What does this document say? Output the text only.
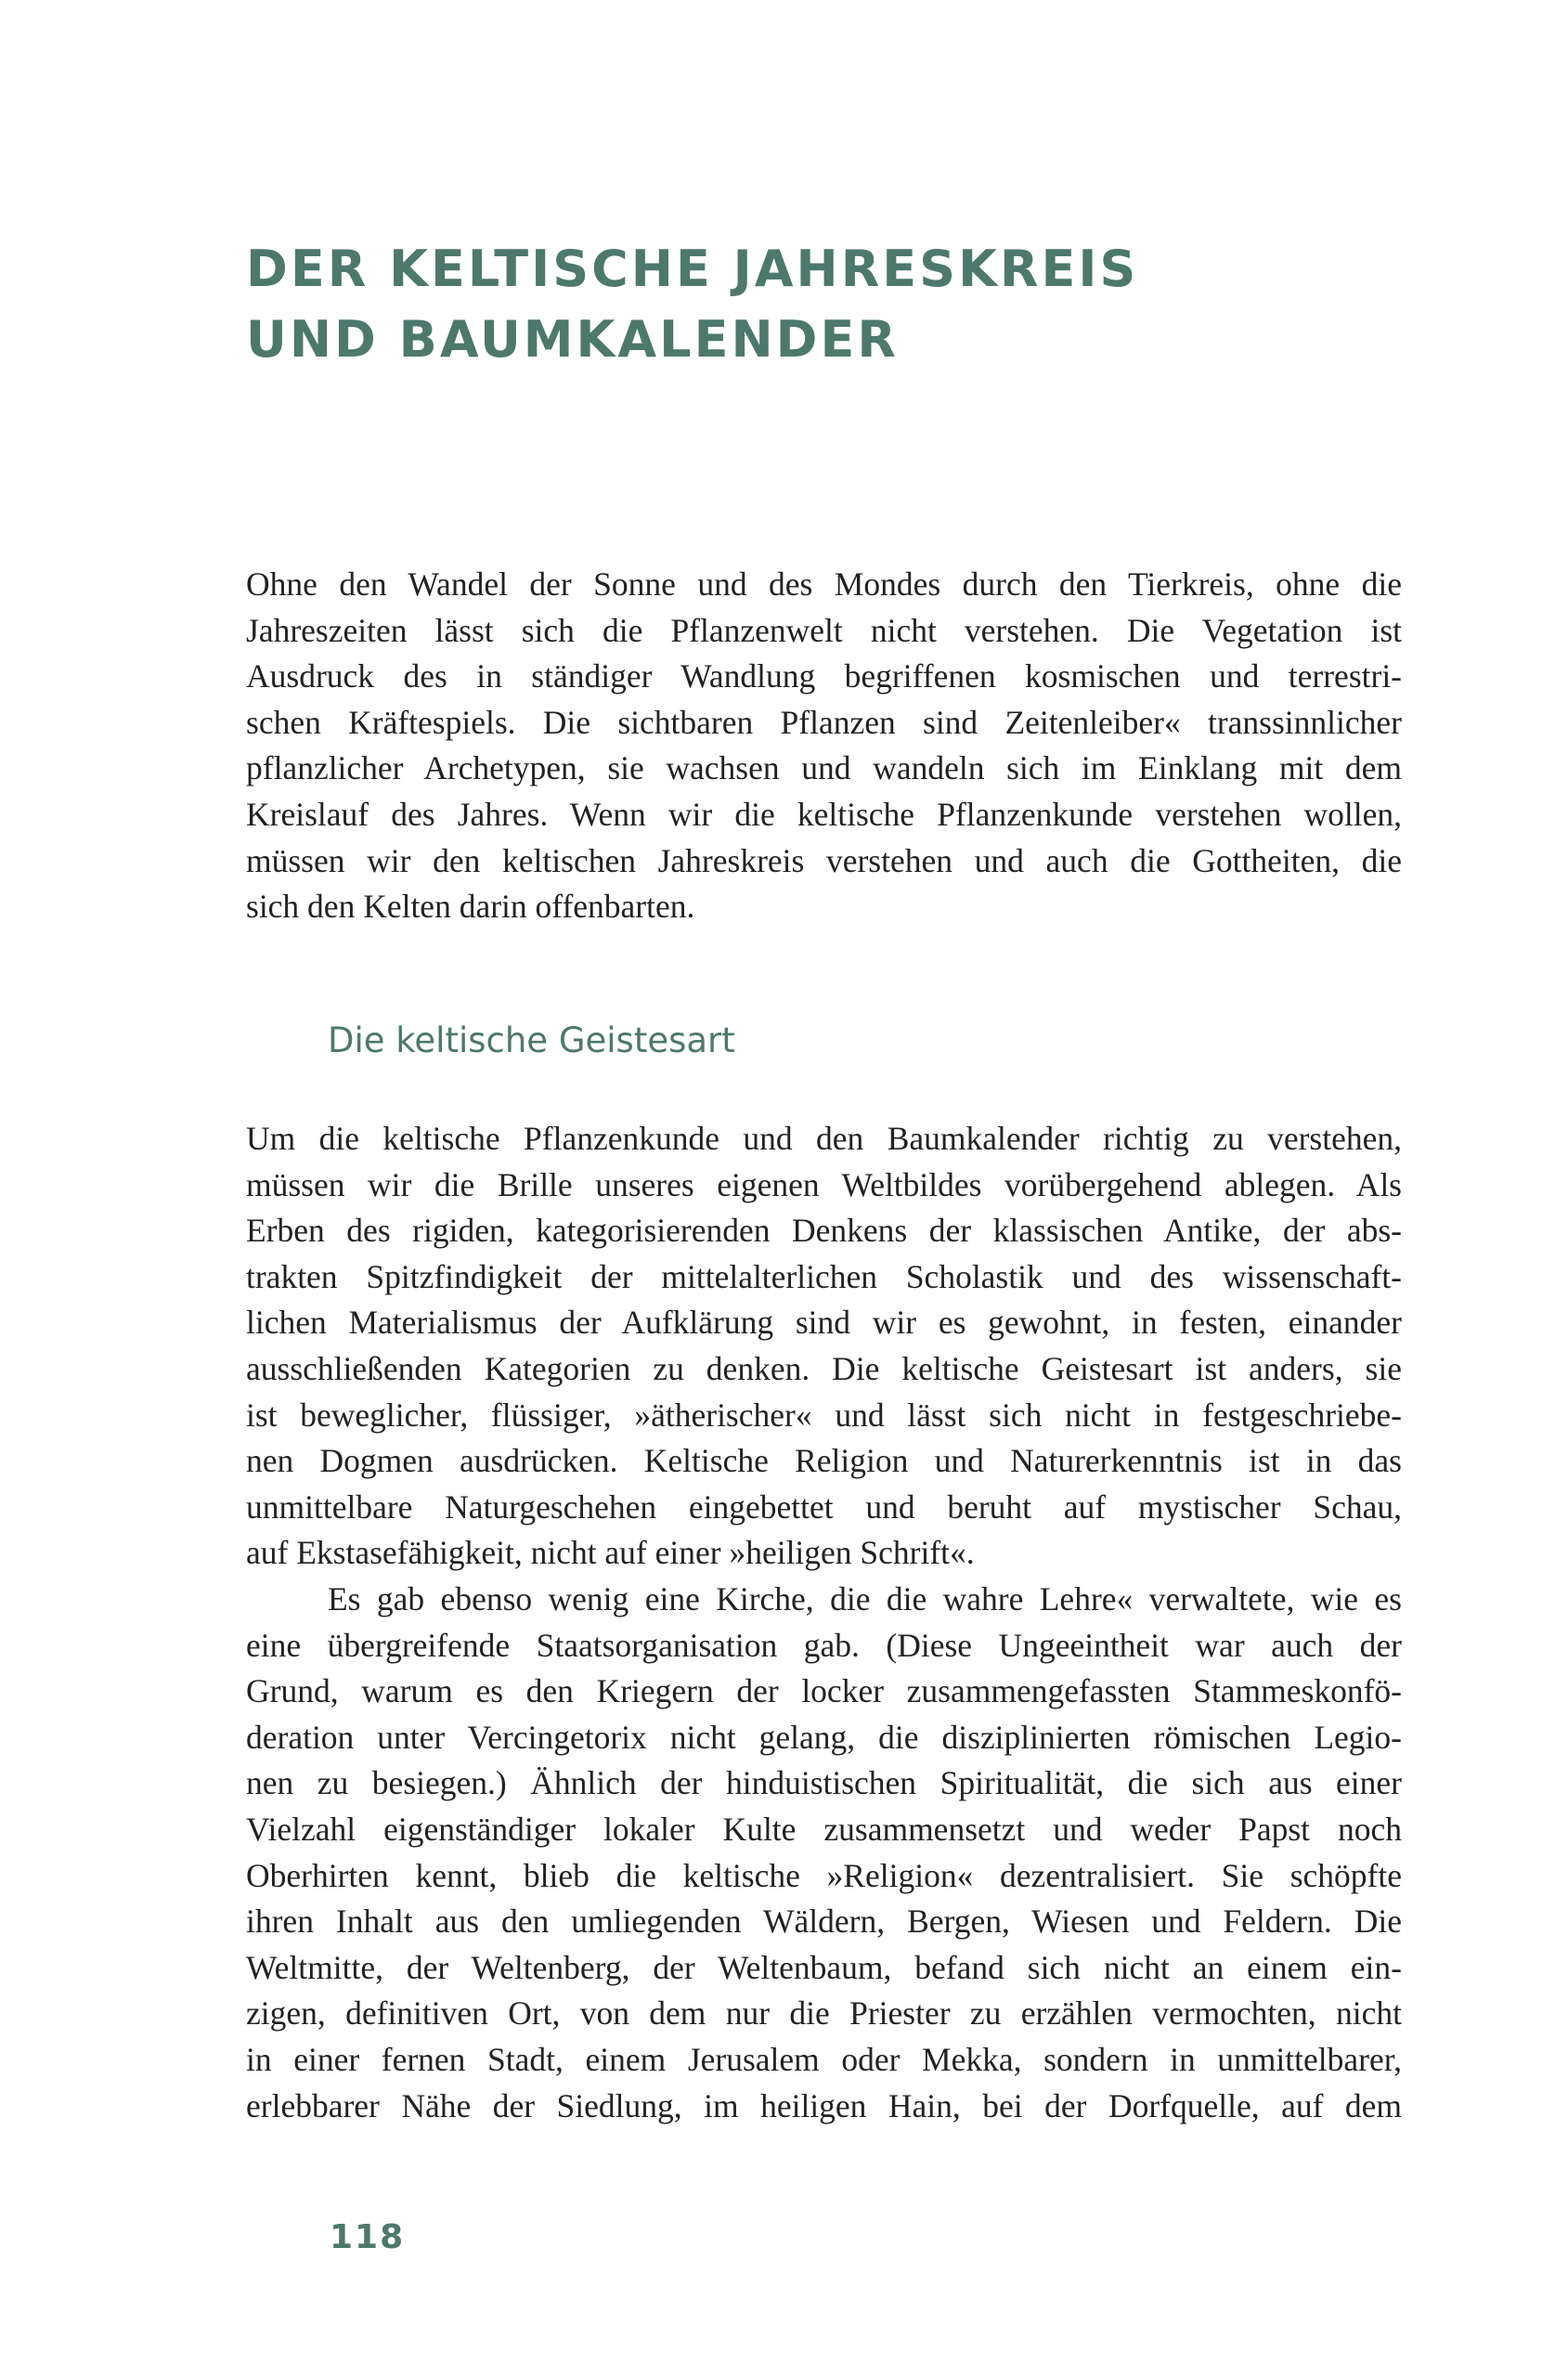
DER KELTISCHE JAHRESKREIS
UND BAUMKALENDER

Ohne den Wandel der Sonne und des Mondes durch den Tierkreis, ohne die
Jahreszeiten lässt sich die Pflanzenwelt nicht verstehen. Die Vegetation ist
Ausdruck des in ständiger Wandlung begriffenen kosmischen und terrestri-
schen Kräftespiels. Die sichtbaren Pflanzen sind Zeitenleiber« transsinnlicher
pflanzlicher Archetypen, sie wachsen und wandeln sich im Einklang mit dem
Kreislauf des Jahres. Wenn wir die keltische Pflanzenkunde verstehen wollen,
müssen wir den keltischen Jahreskreis verstehen und auch die Gottheiten, die
sich den Kelten darin offenbarten.

Die keltische Geistesart

Um die keltische Pflanzenkunde und den Baumkalender richtig zu verstehen,
müssen wir die Brille unseres eigenen Weltbildes vorübergehend ablegen. Als
Erben des rigiden, kategorisierenden Denkens der klassischen Antike, der abs-
trakten Spitzfindigkeit der mittelalterlichen Scholastik und des wissenschaft-
lichen Materialismus der Aufklärung sind wir es gewohnt, in festen, einander
ausschließenden Kategorien zu denken. Die keltische Geistesart ist anders, sie
ist beweglicher, flüssiger, »ätherischer« und lässt sich nicht in festgeschriebe-
nen Dogmen ausdrücken. Keltische Religion und Naturerkenntnis ist in das
unmittelbare Naturgeschehen eingebettet und beruht auf mystischer Schau,
auf Ekstasefähigkeit, nicht auf einer »heiligen Schrift«.

Es gab ebenso wenig eine Kirche, die die wahre Lehre« verwaltete, wie es
eine übergreifende Staatsorganisation gab. (Diese Ungeeintheit war auch der
Grund, warum es den Kriegern der locker zusammengefassten Stammeskonfö-
deration unter Vercingetorix nicht gelang, die disziplinierten römischen Legio-
nen zu besiegen.) Ähnlich der hinduistischen Spiritualität, die sich aus einer
Vielzahl eigenständiger lokaler Kulte zusammensetzt und weder Papst noch
Oberhirten kennt, blieb die keltische »Religion« dezentralisiert. Sie schöpfte
ihren Inhalt aus den umliegenden Wäldern, Bergen, Wiesen und Feldern. Die
Weltmitte, der Weltenberg, der Weltenbaum, befand sich nicht an einem ein-
zigen, definitiven Ort, von dem nur die Priester zu erzählen vermochten, nicht
in einer fernen Stadt, einem Jerusalem oder Mekka, sondern in unmittelbarer,
erlebbarer Nähe der Siedlung, im heiligen Hain, bei der Dorfquelle, auf dem

118
